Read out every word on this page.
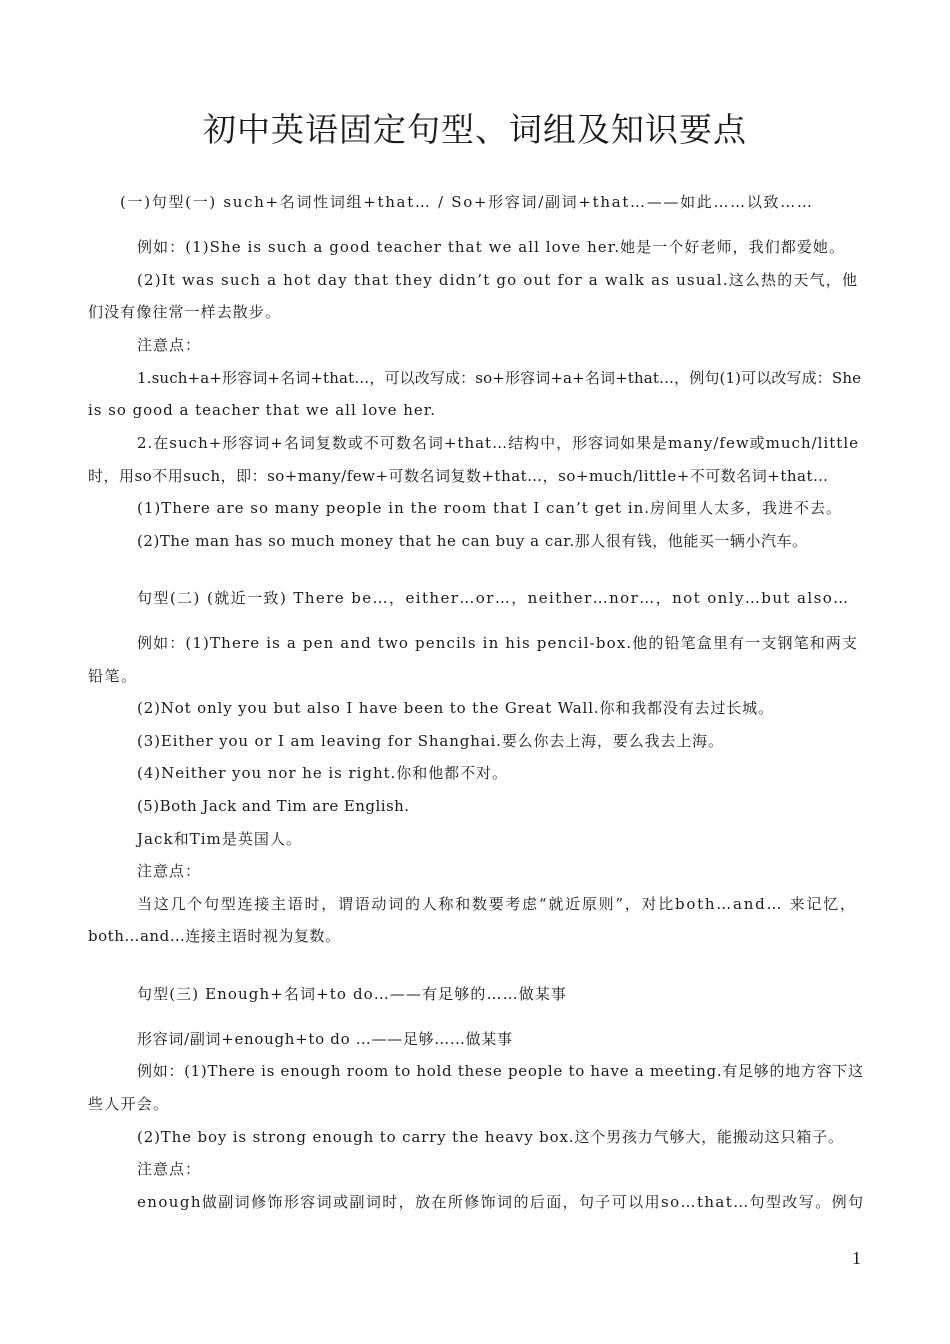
初中英语固定句型、词组及知识要点

(一)句型(一) such+名词性词组+that… / So+形容词/副词+that…——如此……以致……

例如：(1)She is such a good teacher that we all love her.她是一个好老师，我们都爱她。

(2)It was such a hot day that they didn’t go out for a walk as usual.这么热的天气，他

们没有像往常一样去散步。

注意点：

1.such+a+形容词+名词+that…，可以改写成：so+形容词+a+名词+that…，例句(1)可以改写成：She

is so good a teacher that we all love her.

2.在such+形容词+名词复数或不可数名词+that…结构中，形容词如果是many/few或much/little

时，用so不用such，即：so+many/few+可数名词复数+that…，so+much/little+不可数名词+that…

(1)There are so many people in the room that I can’t get in.房间里人太多，我进不去。

(2)The man has so much money that he can buy a car.那人很有钱，他能买一辆小汽车。

句型(二) (就近一致) There be…，either…or…，neither…nor…，not only…but also…

例如：(1)There is a pen and two pencils in his pencil-box.他的铅笔盒里有一支钢笔和两支

铅笔。

(2)Not only you but also I have been to the Great Wall.你和我都没有去过长城。

(3)Either you or I am leaving for Shanghai.要么你去上海，要么我去上海。

(4)Neither you nor he is right.你和他都不对。

(5)Both Jack and Tim are English.

Jack和Tim是英国人。

注意点：

当这几个句型连接主语时，谓语动词的人称和数要考虑“就近原则”，对比both…and… 来记忆，

both…and…连接主语时视为复数。

句型(三) Enough+名词+to do…——有足够的……做某事

形容词/副词+enough+to do …——足够……做某事

例如：(1)There is enough room to hold these people to have a meeting.有足够的地方容下这

些人开会。

(2)The boy is strong enough to carry the heavy box.这个男孩力气够大，能搬动这只箱子。

注意点：

enough做副词修饰形容词或副词时，放在所修饰词的后面，句子可以用so…that…句型改写。例句

1
